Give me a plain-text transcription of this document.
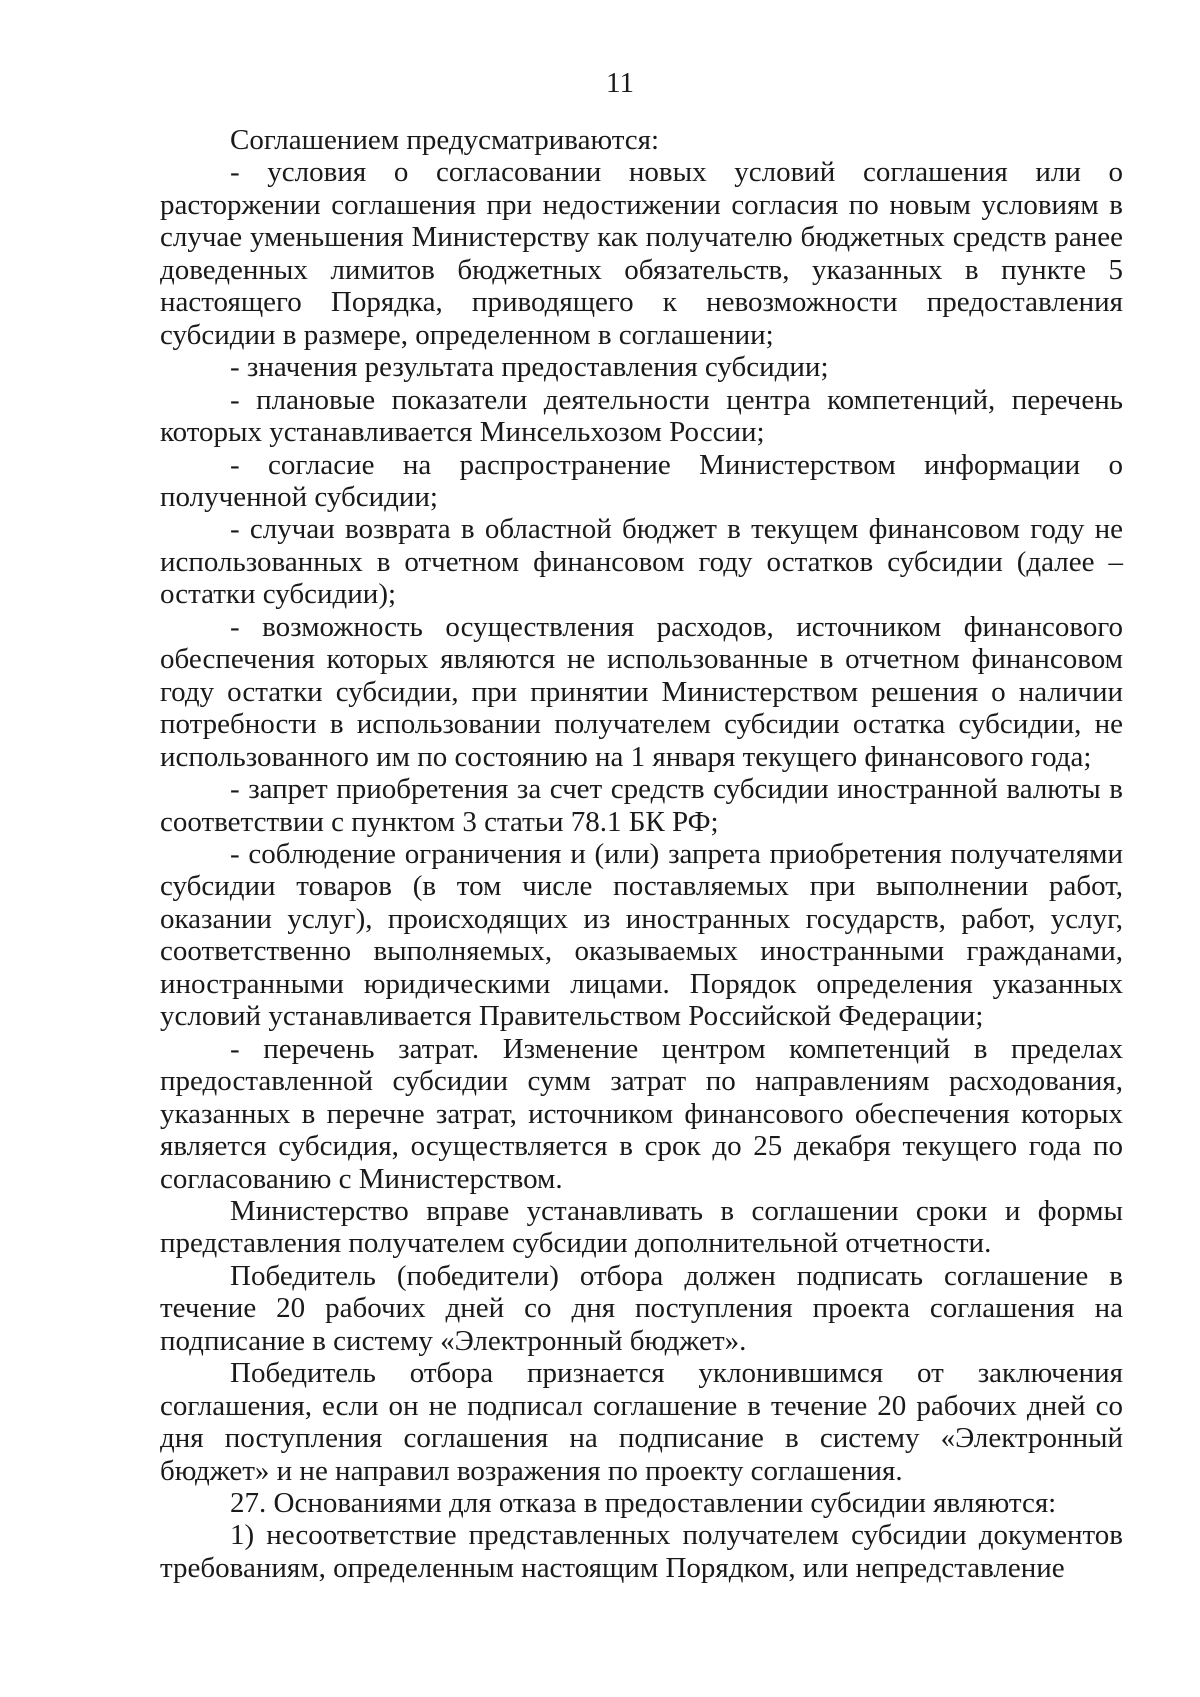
11

Соглашением предусматриваются:

- условия о согласовании новых условий соглашения или о расторжении соглашения при недостижении согласия по новым условиям в случае уменьшения Министерству как получателю бюджетных средств ранее доведенных лимитов бюджетных обязательств, указанных в пункте 5 настоящего Порядка, приводящего к невозможности предоставления субсидии в размере, определенном в соглашении;

- значения результата предоставления субсидии;

- плановые показатели деятельности центра компетенций, перечень которых устанавливается Минсельхозом России;

- согласие на распространение Министерством информации о полученной субсидии;

- случаи возврата в областной бюджет в текущем финансовом году не использованных в отчетном финансовом году остатков субсидии (далее – остатки субсидии);

- возможность осуществления расходов, источником финансового обеспечения которых являются не использованные в отчетном финансовом году остатки субсидии, при принятии Министерством решения о наличии потребности в использовании получателем субсидии остатка субсидии, не использованного им по состоянию на 1 января текущего финансового года;

- запрет приобретения за счет средств субсидии иностранной валюты в соответствии с пунктом 3 статьи 78.1 БК РФ;

- соблюдение ограничения и (или) запрета приобретения получателями субсидии товаров (в том числе поставляемых при выполнении работ, оказании услуг), происходящих из иностранных государств, работ, услуг, соответственно выполняемых, оказываемых иностранными гражданами, иностранными юридическими лицами. Порядок определения указанных условий устанавливается Правительством Российской Федерации;

- перечень затрат. Изменение центром компетенций в пределах предоставленной субсидии сумм затрат по направлениям расходования, указанных в перечне затрат, источником финансового обеспечения которых является субсидия, осуществляется в срок до 25 декабря текущего года по согласованию с Министерством.

Министерство вправе устанавливать в соглашении сроки и формы представления получателем субсидии дополнительной отчетности.

Победитель (победители) отбора должен подписать соглашение в течение 20 рабочих дней со дня поступления проекта соглашения на подписание в систему «Электронный бюджет».

Победитель отбора признается уклонившимся от заключения соглашения, если он не подписал соглашение в течение 20 рабочих дней со дня поступления соглашения на подписание в систему «Электронный бюджет» и не направил возражения по проекту соглашения.

27. Основаниями для отказа в предоставлении субсидии являются:

1) несоответствие представленных получателем субсидии документов требованиям, определенным настоящим Порядком, или непредставление
